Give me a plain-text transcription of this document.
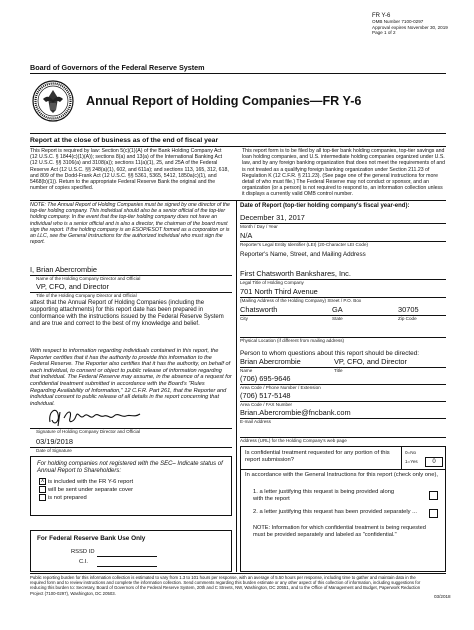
FR Y-6
OMB Number 7100-0297
Approval expires November 30, 2019
Page 1 of 2
Board of Governors of the Federal Reserve System
Annual Report of Holding Companies—FR Y-6
Report at the close of business as of the end of fiscal year

This Report is required by law: Section 5(c)(1)(A) of the Bank Holding Company Act (12 U.S.C. § 1844(c)(1)(A)); sections 8(a) and 13(a) of the International Banking Act (12 U.S.C. §§ 3106(a) and 3108(a)); sections 11(a)(1), 25, and 25A of the Federal Reserve Act (12 U.S.C. §§ 248(a)(1), 602, and 611a); and sections 113, 165, 312, 618, and 809 of the Dodd-Frank Act (12 U.S.C. §§ 5361, 5365, 5412, 1850a(c)(1), and 5468(b)(1)). Return to the appropriate Federal Reserve Bank the original and the number of copies specified.

This report form is to be filed by all top-tier bank holding companies, top-tier savings and loan holding companies, and U.S. intermediate holding companies organized under U.S. law, and by any foreign banking organization that does not meet the requirements of and is not treated as a qualifying foreign banking organization under Section 211.23 of Regulation K (12 C.F.R. § 211.23). (See page one of the general instructions for more detail of who must file.) The Federal Reserve may not conduct or sponsor, and an organization (or a person) is not required to respond to, an information collection unless it displays a currently valid OMB control number.

NOTE: The Annual Report of Holding Companies must be signed by one director of the top-tier holding company. This individual should also be a senior official of the top-tier holding company. In the event that the top-tier holding company does not have an individual who is a senior official and is also a director, the chairman of the board must sign the report. If the holding company is an ESOP/ESOT formed as a corporation or is an LLC, see the General Instructions for the authorized individual who must sign the report.

I, Brian Abercrombie
Name of the Holding Company Director and Official
VP, CFO, and Director
Title of the Holding Company Director and Official

attest that the Annual Report of Holding Companies (including the supporting attachments) for this report date has been prepared in conformance with the instructions issued by the Federal Reserve System and are true and correct to the best of my knowledge and belief.

With respect to information regarding individuals contained in this report, the Reporter certifies that it has the authority to provide this information to the Federal Reserve. The Reporter also certifies that it has the authority, on behalf of each individual, to consent or object to public release of information regarding that individual. The Federal Reserve may assume, in the absence of a request for confidential treatment submitted in accordance with the Board's "Rules Regarding Availability of Information," 12 C.F.R. Part 261, that the Reporter and individual consent to public release of all details in the report concerning that individual.

Signature of Holding Company Director and Official
03/19/2018
Date of Signature

For holding companies not registered with the SEC– Indicate status of Annual Report to Shareholders:

X is included with the FR Y-6 report
will be sent under separate cover
is not prepared
For Federal Reserve Bank Use Only
RSSD ID
C.I.
Date of Report (top-tier holding company's fiscal year-end):
December 31, 2017
Month / Day / Year
N/A
Reporter's Legal Entity Identifier (LEI) (20-Character LEI Code)
Reporter's Name, Street, and Mailing Address
First Chatsworth Bankshares, Inc.
Legal Title of Holding Company
701 North Third Avenue
(Mailing Address of the Holding Company) Street / P.O. Box
Chatsworth	GA	30705
City	State	Zip Code
Physical Location (if different from mailing address)
Person to whom questions about this report should be directed:
Brian Abercrombie	VP, CFO, and Director
Name	Title
(706) 695-9646
Area Code / Phone Number / Extension
(706) 517-5148
Area Code / FAX Number
Brian.Abercrombie@fncbank.com
E-mail Address
Address (URL) for the Holding Company's web page

Is confidential treatment requested for any portion of this report submission?

0=No
1=Yes	0

In accordance with the General Instructions for this report (check only one),

1. a letter justifying this request is being provided along with the report

2. a letter justifying this request has been provided separately ...

NOTE: Information for which confidential treatment is being requested must be provided separately and labeled as "confidential."

Public reporting burden for this information collection is estimated to vary from 1.3 to 101 hours per response, with an average of 5.50 hours per response, including time to gather and maintain data in the required form and to review instructions and complete the information collection. Send comments regarding this burden estimate or any other aspect of this collection of information, including suggestions for reducing this burden to: Secretary, Board of Governors of the Federal Reserve System, 20th and C Streets, NW, Washington, DC 20551, and to the Office of Management and Budget, Paperwork Reduction Project (7100-0297), Washington, DC 20503.

03/2018
